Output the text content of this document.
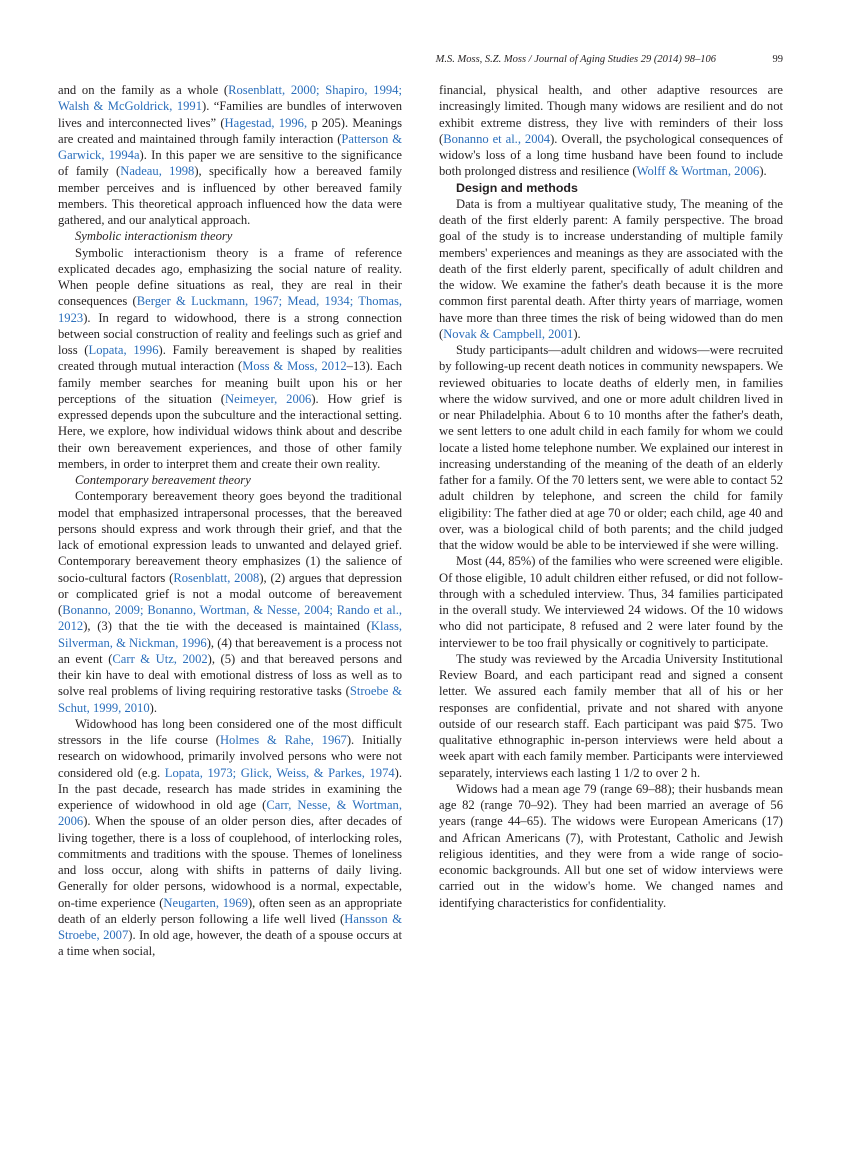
M.S. Moss, S.Z. Moss / Journal of Aging Studies 29 (2014) 98–106	99

and on the family as a whole (Rosenblatt, 2000; Shapiro, 1994; Walsh & McGoldrick, 1991). “Families are bundles of interwoven lives and interconnected lives” (Hagestad, 1996, p 205). Meanings are created and maintained through family interaction (Patterson & Garwick, 1994a). In this paper we are sensitive to the significance of family (Nadeau, 1998), specifically how a bereaved family member perceives and is influenced by other bereaved family members. This theoretical approach influenced how the data were gathered, and our analytical approach.

Symbolic interactionism theory

Symbolic interactionism theory is a frame of reference explicated decades ago, emphasizing the social nature of reality. When people define situations as real, they are real in their consequences (Berger & Luckmann, 1967; Mead, 1934; Thomas, 1923). In regard to widowhood, there is a strong connection between social construction of reality and feelings such as grief and loss (Lopata, 1996). Family bereavement is shaped by realities created through mutual interaction (Moss & Moss, 2012–13). Each family member searches for meaning built upon his or her perceptions of the situation (Neimeyer, 2006). How grief is expressed depends upon the subculture and the interactional setting. Here, we explore, how individual widows think about and describe their own bereavement experiences, and those of other family members, in order to interpret them and create their own reality.

Contemporary bereavement theory

Contemporary bereavement theory goes beyond the traditional model that emphasized intrapersonal processes, that the bereaved persons should express and work through their grief, and that the lack of emotional expression leads to unwanted and delayed grief. Contemporary bereavement theory emphasizes (1) the salience of socio-cultural factors (Rosenblatt, 2008), (2) argues that depression or complicated grief is not a modal outcome of bereavement (Bonanno, 2009; Bonanno, Wortman, & Nesse, 2004; Rando et al., 2012), (3) that the tie with the deceased is maintained (Klass, Silverman, & Nickman, 1996), (4) that bereavement is a process not an event (Carr & Utz, 2002), (5) and that bereaved persons and their kin have to deal with emotional distress of loss as well as to solve real problems of living requiring restorative tasks (Stroebe & Schut, 1999, 2010).

Widowhood has long been considered one of the most difficult stressors in the life course (Holmes & Rahe, 1967). Initially research on widowhood, primarily involved persons who were not considered old (e.g. Lopata, 1973; Glick, Weiss, & Parkes, 1974). In the past decade, research has made strides in examining the experience of widowhood in old age (Carr, Nesse, & Wortman, 2006). When the spouse of an older person dies, after decades of living together, there is a loss of couplehood, of interlocking roles, commitments and traditions with the spouse. Themes of loneliness and loss occur, along with shifts in patterns of daily living. Generally for older persons, widowhood is a normal, expectable, on-time experience (Neugarten, 1969), often seen as an appropriate death of an elderly person following a life well lived (Hansson & Stroebe, 2007). In old age, however, the death of a spouse occurs at a time when social,

financial, physical health, and other adaptive resources are increasingly limited. Though many widows are resilient and do not exhibit extreme distress, they live with reminders of their loss (Bonanno et al., 2004). Overall, the psychological consequences of widow's loss of a long time husband have been found to include both prolonged distress and resilience (Wolff & Wortman, 2006).

Design and methods

Data is from a multiyear qualitative study, The meaning of the death of the first elderly parent: A family perspective. The broad goal of the study is to increase understanding of multiple family members' experiences and meanings as they are associated with the death of the first elderly parent, specifically of adult children and the widow. We examine the father's death because it is the more common first parental death. After thirty years of marriage, women have more than three times the risk of being widowed than do men (Novak & Campbell, 2001).

Study participants—adult children and widows—were recruited by following-up recent death notices in community newspapers. We reviewed obituaries to locate deaths of elderly men, in families where the widow survived, and one or more adult children lived in or near Philadelphia. About 6 to 10 months after the father's death, we sent letters to one adult child in each family for whom we could locate a listed home telephone number. We explained our interest in increasing understanding of the meaning of the death of an elderly father for a family. Of the 70 letters sent, we were able to contact 52 adult children by telephone, and screen the child for family eligibility: The father died at age 70 or older; each child, age 40 and over, was a biological child of both parents; and the child judged that the widow would be able to be interviewed if she were willing.

Most (44, 85%) of the families who were screened were eligible. Of those eligible, 10 adult children either refused, or did not follow-through with a scheduled interview. Thus, 34 families participated in the overall study. We interviewed 24 widows. Of the 10 widows who did not participate, 8 refused and 2 were later found by the interviewer to be too frail physically or cognitively to participate.

The study was reviewed by the Arcadia University Institutional Review Board, and each participant read and signed a consent letter. We assured each family member that all of his or her responses are confidential, private and not shared with anyone outside of our research staff. Each participant was paid $75. Two qualitative ethnographic in-person interviews were held about a week apart with each family member. Participants were interviewed separately, interviews each lasting 1 1/2 to over 2 h.

Widows had a mean age 79 (range 69–88); their husbands mean age 82 (range 70–92). They had been married an average of 56 years (range 44–65). The widows were European Americans (17) and African Americans (7), with Protestant, Catholic and Jewish religious identities, and they were from a wide range of socio-economic backgrounds. All but one set of widow interviews were carried out in the widow's home. We changed names and identifying characteristics for confidentiality.
